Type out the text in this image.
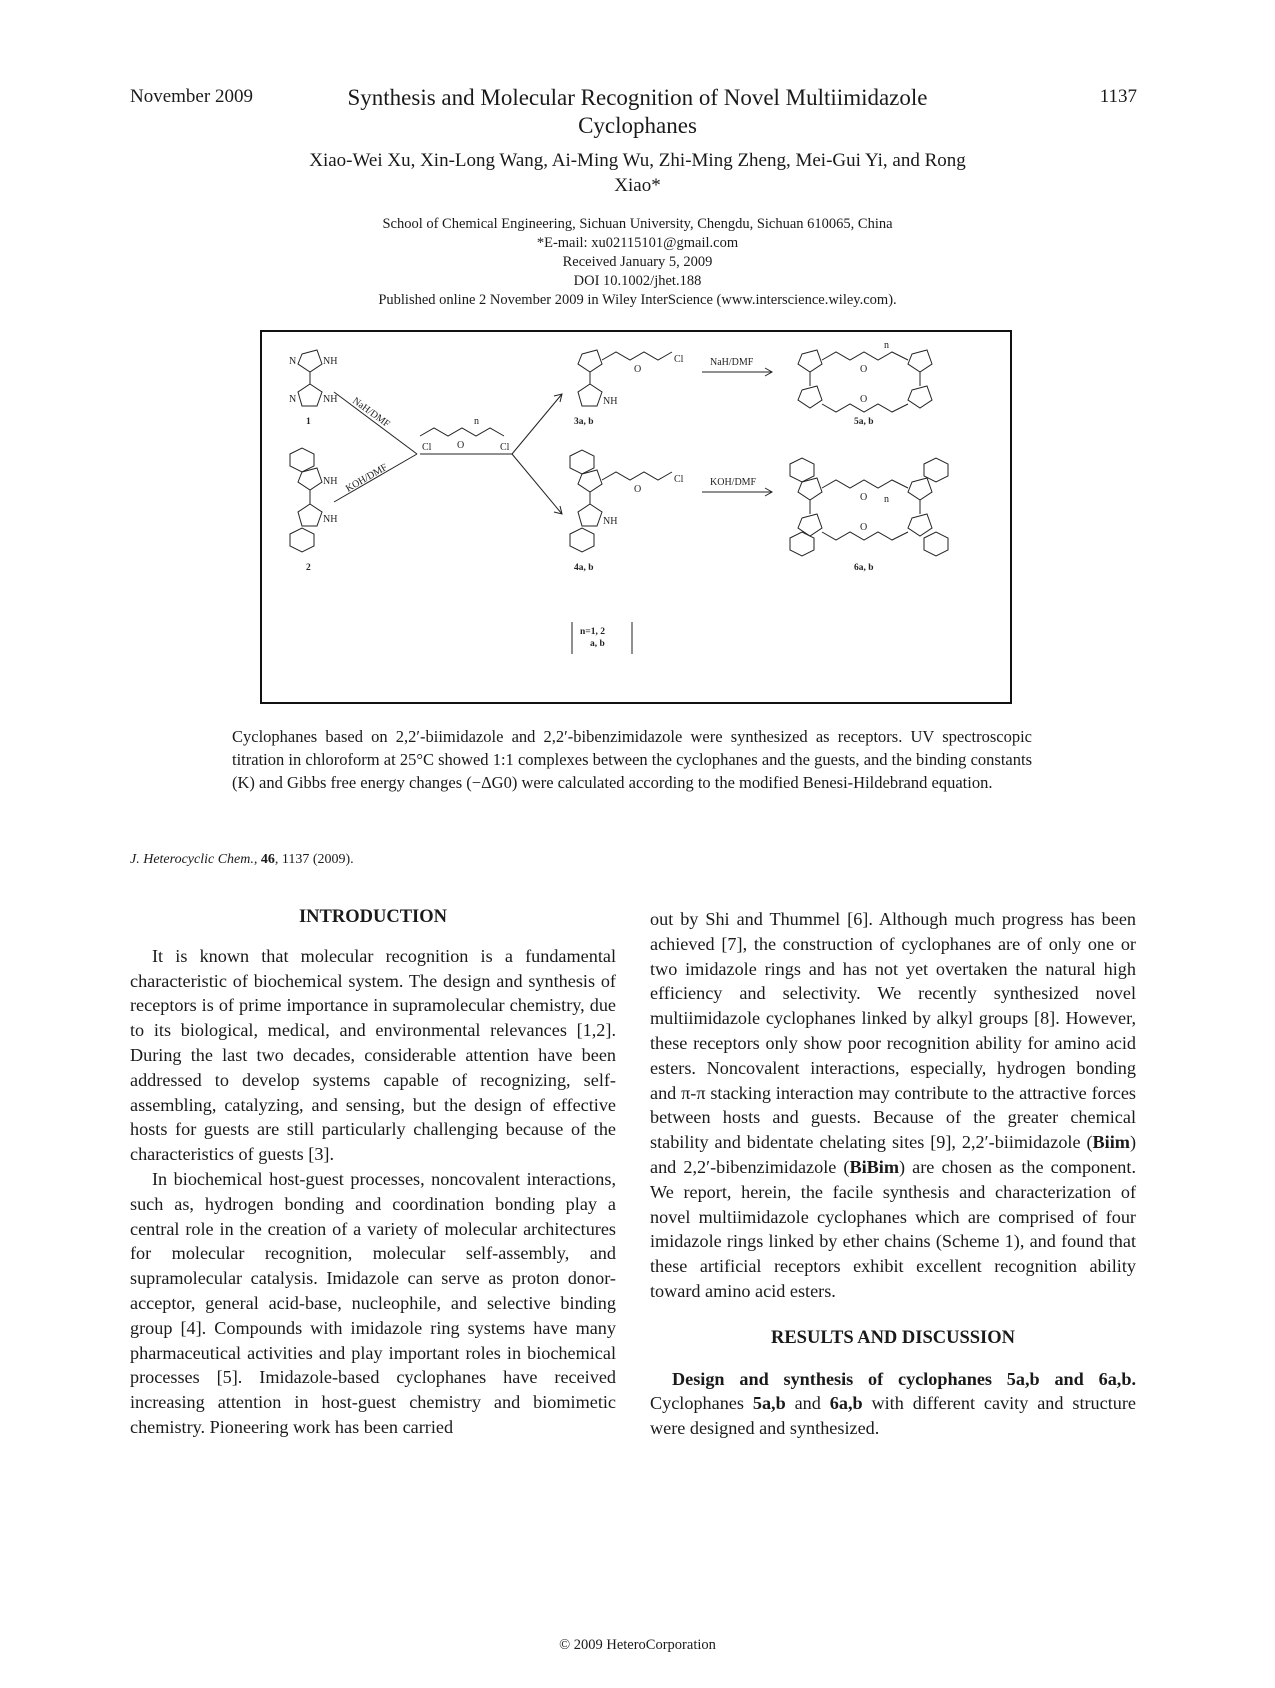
November 2009	Synthesis and Molecular Recognition of Novel Multiimidazole Cyclophanes
1137
Xiao-Wei Xu, Xin-Long Wang, Ai-Ming Wu, Zhi-Ming Zheng, Mei-Gui Yi, and Rong Xiao*
School of Chemical Engineering, Sichuan University, Chengdu, Sichuan 610065, China
*E-mail: xu02115101@gmail.com
Received January 5, 2009
DOI 10.1002/jhet.188
Published online 2 November 2009 in Wiley InterScience (www.interscience.wiley.com).
NH
NH
N
N
NH
NH
Cl	Cl
O
n
NH
Cl
O
NH
Cl
O
O
O
n
O
O
n
NaH/DMF
KOH/DMF
NaH/DMF
KOH/DMF
1
2
3a, b
4a, b
5a, b
6a, b
n=1, 2
a, b
Cyclophanes based on 2,2′-biimidazole and 2,2′-bibenzimidazole were synthesized as receptors. UV spectroscopic titration in chloroform at 25°C showed 1:1 complexes between the cyclophanes and the guests, and the binding constants (K) and Gibbs free energy changes (−ΔG0) were calculated according to the modified Benesi-Hildebrand equation.
J. Heterocyclic Chem., 46, 1137 (2009).
INTRODUCTION

It is known that molecular recognition is a fundamental characteristic of biochemical system. The design and synthesis of receptors is of prime importance in supramolecular chemistry, due to its biological, medical, and environmental relevances [1,2]. During the last two decades, considerable attention have been addressed to develop systems capable of recognizing, self-assembling, catalyzing, and sensing, but the design of effective hosts for guests are still particularly challenging because of the characteristics of guests [3].

In biochemical host-guest processes, noncovalent interactions, such as, hydrogen bonding and coordination bonding play a central role in the creation of a variety of molecular architectures for molecular recognition, molecular self-assembly, and supramolecular catalysis. Imidazole can serve as proton donor-acceptor, general acid-base, nucleophile, and selective binding group [4]. Compounds with imidazole ring systems have many pharmaceutical activities and play important roles in biochemical processes [5]. Imidazole-based cyclophanes have received increasing attention in host-guest chemistry and biomimetic chemistry. Pioneering work has been carried

out by Shi and Thummel [6]. Although much progress has been achieved [7], the construction of cyclophanes are of only one or two imidazole rings and has not yet overtaken the natural high efficiency and selectivity. We recently synthesized novel multiimidazole cyclophanes linked by alkyl groups [8]. However, these receptors only show poor recognition ability for amino acid esters. Noncovalent interactions, especially, hydrogen bonding and π-π stacking interaction may contribute to the attractive forces between hosts and guests. Because of the greater chemical stability and bidentate chelating sites [9], 2,2′-biimidazole (Biim) and 2,2′-bibenzimidazole (BiBim) are chosen as the component. We report, herein, the facile synthesis and characterization of novel multiimidazole cyclophanes which are comprised of four imidazole rings linked by ether chains (Scheme 1), and found that these artificial receptors exhibit excellent recognition ability toward amino acid esters.

RESULTS AND DISCUSSION

Design and synthesis of cyclophanes 5a,b and 6a,b. Cyclophanes 5a,b and 6a,b with different cavity and structure were designed and synthesized.

© 2009 HeteroCorporation
